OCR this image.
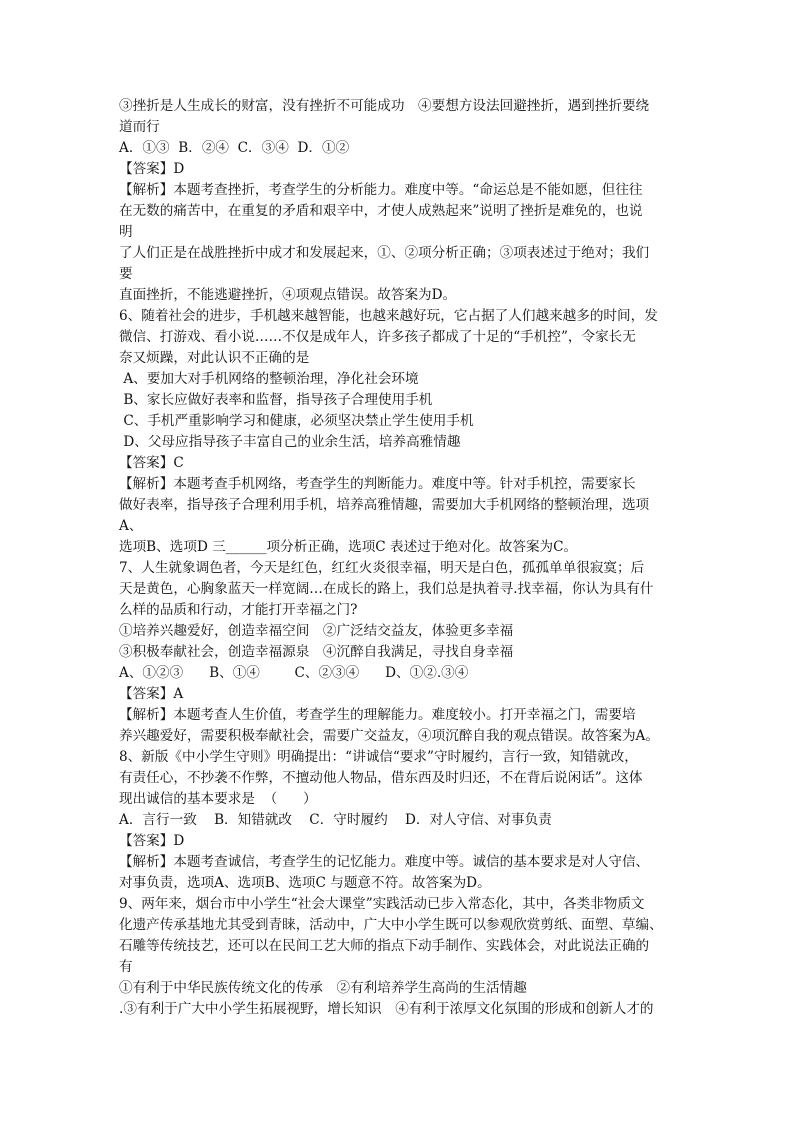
③挫折是人生成长的财富，没有挫折不可能成功　④要想方设法回避挫折，遇到挫折要绕
道而行
A．①③  B．②④  C．③④  D．①②
【答案】D
【解析】本题考查挫折，考查学生的分析能力。难度中等。“命运总是不能如愿，但往往
在无数的痛苦中，在重复的矛盾和艰辛中，才使人成熟起来”说明了挫折是难免的，也说
明
了人们正是在战胜挫折中成才和发展起来，①、②项分析正确；③项表述过于绝对；我们
要
直面挫折，不能逃避挫折，④项观点错误。故答案为D。
6、随着社会的进步，手机越来越智能，也越来越好玩，它占据了人们越来越多的时间，发
微信、打游戏、看小说……不仅是成年人，许多孩子都成了十足的“手机控”，令家长无
奈又烦躁，对此认识不正确的是
A、要加大对手机网络的整顿治理，净化社会环境
B、家长应做好表率和监督，指导孩子合理使用手机
C、手机严重影响学习和健康，必须坚决禁止学生使用手机
D、父母应指导孩子丰富自己的业余生活，培养高雅情趣
【答案】C
【解析】本题考查手机网络，考查学生的判断能力。难度中等。针对手机控，需要家长
做好表率，指导孩子合理利用手机，培养高雅情趣，需要加大手机网络的整顿治理，选项
A、
选项B、选项D 三______项分析正确，选项C 表述过于绝对化。故答案为C。
7、人生就象调色者，今天是红色，红红火炎很幸福，明天是白色，孤孤单单很寂寞；后
天是黄色，心胸象蓝天一样宽阔…在成长的路上，我们总是执着寻.找幸福，你认为具有什
么样的品质和行动，才能打开幸福之门?
①培养兴趣爱好，创造幸福空间　②广泛结交益友，体验更多幸福
③积极奉献社会，创造幸福源泉　④沉醉自我满足，寻找自身幸福
A、①②③      B、①④        C、②③④      D、①②.③④
【答案】A
【解析】本题考查人生价值，考查学生的理解能力。难度较小。打开幸福之门，需要培
养兴趣爱好，需要积极奉献社会，需要广交益友，④项沉醉自我的观点错误。故答案为A。
8、新版《中小学生守则》明确提出：“讲诚信“要求”守时履约，言行一致，知错就改，
有责任心，不抄袭不作弊，不擅动他人物品，借东西及时归还，不在背后说闲话”。这体
现出诚信的基本要求是  （      ）
A．言行一致    B．知错就改    C．守时履约    D．对人守信、对事负责
【答案】D
【解析】本题考查诚信，考查学生的记忆能力。难度中等。诚信的基本要求是对人守信、
对事负责，选项A、选项B、选项C 与题意不符。故答案为D。
9、两年来，烟台市中小学生“社会大课堂”实践活动已步入常态化，其中，各类非物质文
化遗产传承基地尤其受到青睐，活动中，广大中小学生既可以参观欣赏剪纸、面塑、草编、
石雕等传统技艺，还可以在民间工艺大师的指点下动手制作、实践体会，对此说法正确的
有
①有利于中华民族传统文化的传承　②有利培养学生高尚的生活情趣
.③有利于广大中小学生拓展视野，增长知识　④有利于浓厚文化氛围的形成和创新人才的
